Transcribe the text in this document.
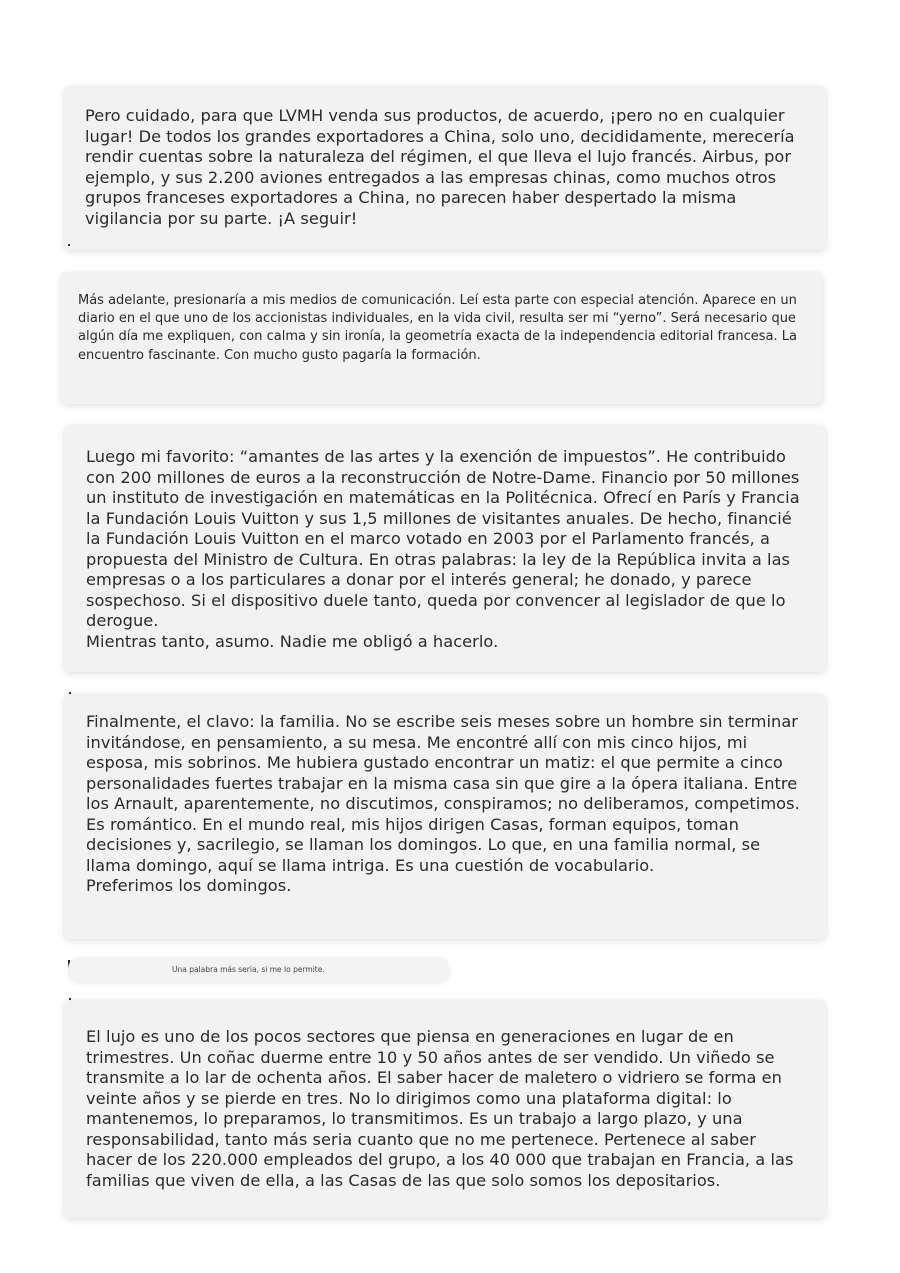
Pero cuidado, para que LVMH venda sus productos, de acuerdo, ¡pero no en cualquier lugar! De todos los grandes exportadores a China, solo uno, decididamente, merecería rendir cuentas sobre la naturaleza del régimen, el que lleva el lujo francés. Airbus, por ejemplo, y sus 2.200 aviones entregados a las empresas chinas, como muchos otros grupos franceses exportadores a China, no parecen haber despertado la misma vigilancia por su parte. ¡A seguir!

Más adelante, presionaría a mis medios de comunicación. Leí esta parte con especial atención. Aparece en un diario en el que uno de los accionistas individuales, en la vida civil, resulta ser mi “yerno”. Será necesario que algún día me expliquen, con calma y sin ironía, la geometría exacta de la independencia editorial francesa. La encuentro fascinante. Con mucho gusto pagaría la formación.

Luego mi favorito: “amantes de las artes y la exención de impuestos”. He contribuido con 200 millones de euros a la reconstrucción de Notre-Dame. Financio por 50 millones un instituto de investigación en matemáticas en la Politécnica. Ofrecí en París y Francia la Fundación Louis Vuitton y sus 1,5 millones de visitantes anuales. De hecho, financié la Fundación Louis Vuitton en el marco votado en 2003 por el Parlamento francés, a propuesta del Ministro de Cultura. En otras palabras: la ley de la República invita a las empresas o a los particulares a donar por el interés general; he donado, y parece sospechoso. Si el dispositivo duele tanto, queda por convencer al legislador de que lo derogue.

Mientras tanto, asumo. Nadie me obligó a hacerlo.

Finalmente, el clavo: la familia. No se escribe seis meses sobre un hombre sin terminar invitándose, en pensamiento, a su mesa. Me encontré allí con mis cinco hijos, mi esposa, mis sobrinos. Me hubiera gustado encontrar un matiz: el que permite a cinco personalidades fuertes trabajar en la misma casa sin que gire a la ópera italiana. Entre los Arnault, aparentemente, no discutimos, conspiramos; no deliberamos, competimos. Es romántico. En el mundo real, mis hijos dirigen Casas, forman equipos, toman decisiones y, sacrilegio, se llaman los domingos. Lo que, en una familia normal, se llama domingo, aquí se llama intriga. Es una cuestión de vocabulario.

Preferimos los domingos.

Una palabra más seria, si me lo permite.

El lujo es uno de los pocos sectores que piensa en generaciones en lugar de en trimestres. Un coñac duerme entre 10 y 50 años antes de ser vendido. Un viñedo se transmite a lo lar de ochenta años. El saber hacer de maletero o vidriero se forma en veinte años y se pierde en tres. No lo dirigimos como una plataforma digital: lo mantenemos, lo preparamos, lo transmitimos. Es un trabajo a largo plazo, y una responsabilidad, tanto más seria cuanto que no me pertenece. Pertenece al saber hacer de los 220.000 empleados del grupo, a los 40 000 que trabajan en Francia, a las familias que viven de ella, a las Casas de las que solo somos los depositarios.
